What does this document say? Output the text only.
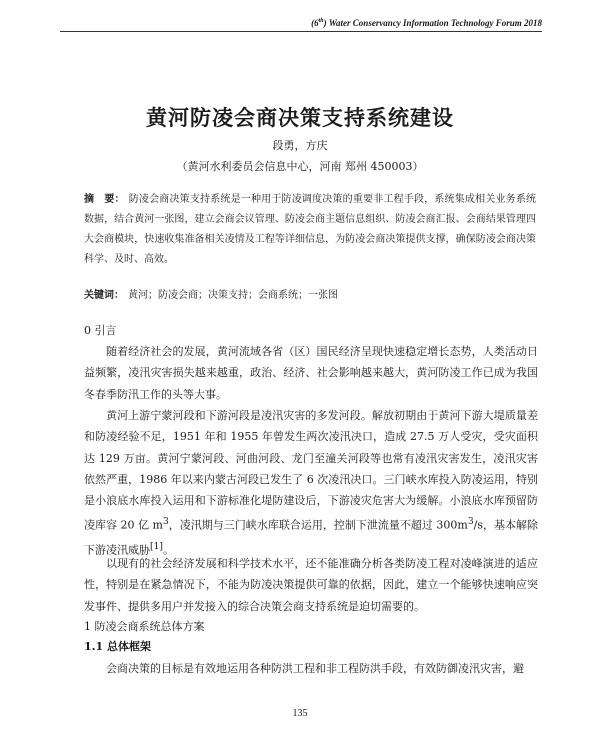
(6th) Water Conservancy Information Technology Forum 2018
黄河防凌会商决策支持系统建设
段勇，方庆
（黄河水利委员会信息中心，河南 郑州 450003）
摘　要： 防凌会商决策支持系统是一种用于防凌调度决策的重要非工程手段，系统集成相关业务系统数据，结合黄河一张图，建立会商会议管理、防凌会商主题信息组织、防凌会商汇报、会商结果管理四大会商模块，快速收集准备相关凌情及工程等详细信息，为防凌会商决策提供支撑，确保防凌会商决策科学、及时、高效。
关键词： 黄河；防凌会商；决策支持；会商系统；一张图
0 引言
随着经济社会的发展，黄河流域各省（区）国民经济呈现快速稳定增长态势，人类活动日益频繁，凌汛灾害损失越来越重，政治、经济、社会影响越来越大，黄河防凌工作已成为我国冬春季防汛工作的头等大事。
黄河上游宁蒙河段和下游河段是凌汛灾害的多发河段。解放初期由于黄河下游大堤质量差和防凌经验不足，1951 年和 1955 年曾发生两次凌汛决口，造成 27.5 万人受灾，受灾面积达 129 万亩。黄河宁蒙河段、河曲河段、龙门至潼关河段等也常有凌汛灾害发生，凌汛灾害依然严重，1986 年以来内蒙古河段已发生了 6 次凌汛决口。三门峡水库投入防凌运用，特别是小浪底水库投入运用和下游标准化堤防建设后，下游凌灾危害大为缓解。小浪底水库预留防凌库容 20 亿 $m^3$，凌汛期与三门峡水库联合运用，控制下泄流量不超过 $300m^3/s$，基本解除下游凌汛威胁[1]。
以现有的社会经济发展和科学技术水平，还不能准确分析各类防凌工程对凌峰演进的适应性，特别是在紧急情况下，不能为防凌决策提供可靠的依据，因此，建立一个能够快速响应突发事件、提供多用户并发接入的综合决策会商支持系统是迫切需要的。
1 防凌会商系统总体方案
1.1 总体框架
会商决策的目标是有效地运用各种防洪工程和非工程防洪手段，有效防御凌汛灾害，避
135
